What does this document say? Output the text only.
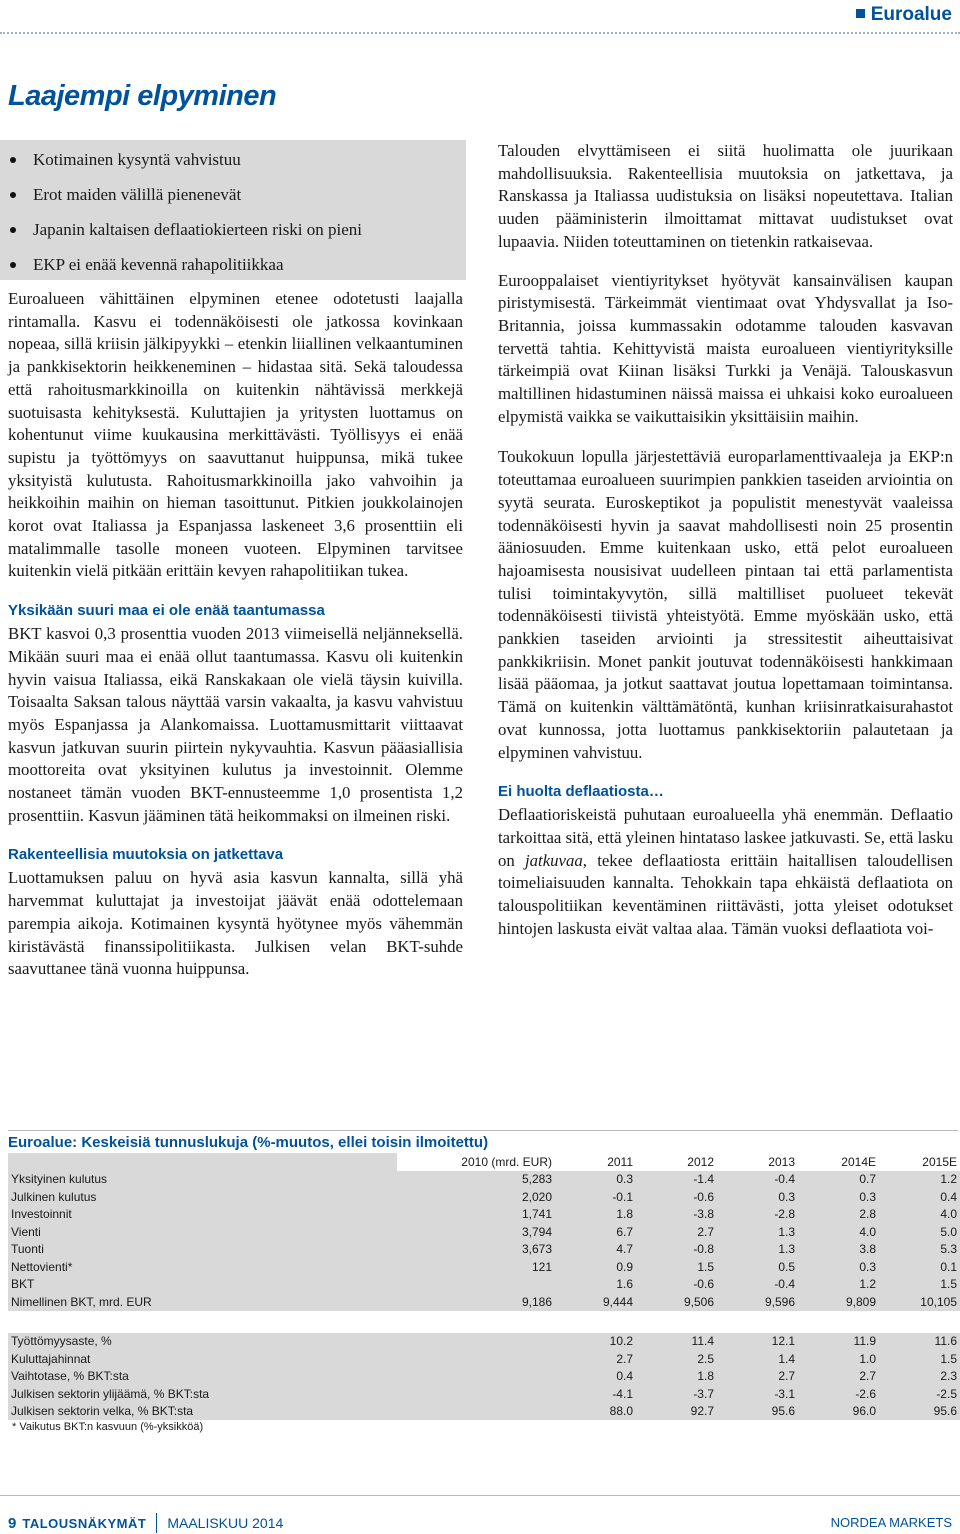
Euroalue
Laajempi elpyminen
Kotimainen kysyntä vahvistuu
Erot maiden välillä pienenevät
Japanin kaltaisen deflaatiokierteen riski on pieni
EKP ei enää kevennä rahapolitiikkaa

Euroalueen vähittäinen elpyminen etenee odotetusti laajalla rintamalla. Kasvu ei todennäköisesti ole jatkossa kovinkaan nopeaa, sillä kriisin jälkipyykki – etenkin liiallinen velkaantuminen ja pankkisektorin heikkeneminen – hidastaa sitä. Sekä taloudessa että rahoitusmarkkinoilla on kuitenkin nähtävissä merkkejä suotuisasta kehityksestä. Kuluttajien ja yritysten luottamus on kohentunut viime kuukausina merkittävästi. Työllisyys ei enää supistu ja työttömyys on saavuttanut huippunsa, mikä tukee yksityistä kulutusta. Rahoitusmarkkinoilla jako vahvoihin ja heikkoihin maihin on hieman tasoittunut. Pitkien joukkolainojen korot ovat Italiassa ja Espanjassa laskeneet 3,6 prosenttiin eli matalimmalle tasolle moneen vuoteen. Elpyminen tarvitsee kuitenkin vielä pitkään erittäin kevyen rahapolitiikan tukea.

Yksikään suuri maa ei ole enää taantumassa

BKT kasvoi 0,3 prosenttia vuoden 2013 viimeisellä neljänneksellä. Mikään suuri maa ei enää ollut taantumassa. Kasvu oli kuitenkin hyvin vaisua Italiassa, eikä Ranskakaan ole vielä täysin kuivilla. Toisaalta Saksan talous näyttää varsin vakaalta, ja kasvu vahvistuu myös Espanjassa ja Alankomaissa. Luottamusmittarit viittaavat kasvun jatkuvan suurin piirtein nykyvauhtia. Kasvun pääasiallisia moottoreita ovat yksityinen kulutus ja investoinnit. Olemme nostaneet tämän vuoden BKT-ennusteemme 1,0 prosentista 1,2 prosenttiin. Kasvun jääminen tätä heikommaksi on ilmeinen riski.

Rakenteellisia muutoksia on jatkettava

Luottamuksen paluu on hyvä asia kasvun kannalta, sillä yhä harvemmat kuluttajat ja investoijat jäävät enää odottelemaan parempia aikoja. Kotimainen kysyntä hyötynee myös vähemmän kiristävästä finanssipolitiikasta. Julkisen velan BKT-suhde saavuttanee tänä vuonna huippunsa.

Talouden elvyttämiseen ei siitä huolimatta ole juurikaan mahdollisuuksia. Rakenteellisia muutoksia on jatkettava, ja Ranskassa ja Italiassa uudistuksia on lisäksi nopeutettava. Italian uuden pääministerin ilmoittamat mittavat uudistukset ovat lupaavia. Niiden toteuttaminen on tietenkin ratkaisevaa.

Eurooppalaiset vientiyritykset hyötyvät kansainvälisen kaupan piristymisestä. Tärkeimmät vientimaat ovat Yhdysvallat ja Iso-Britannia, joissa kummassakin odotamme talouden kasvavan tervettä tahtia. Kehittyvistä maista euroalueen vientiyrityksille tärkeimpiä ovat Kiinan lisäksi Turkki ja Venäjä. Talouskasvun maltillinen hidastuminen näissä maissa ei uhkaisi koko euroalueen elpymistä vaikka se vaikuttaisikin yksittäisiin maihin.

Toukokuun lopulla järjestettäviä europarlamenttivaaleja ja EKP:n toteuttamaa euroalueen suurimpien pankkien taseiden arviointia on syytä seurata. Euroskeptikot ja populistit menestyvät vaaleissa todennäköisesti hyvin ja saavat mahdollisesti noin 25 prosentin ääniosuuden. Emme kuitenkaan usko, että pelot euroalueen hajoamisesta nousisivat uudelleen pintaan tai että parlamentista tulisi toimintakyvytön, sillä maltilliset puolueet tekevät todennäköisesti tiivistä yhteistyötä. Emme myöskään usko, että pankkien taseiden arviointi ja stressitestit aiheuttaisivat pankkikriisin. Monet pankit joutuvat todennäköisesti hankkimaan lisää pääomaa, ja jotkut saattavat joutua lopettamaan toimintansa. Tämä on kuitenkin välttämätöntä, kunhan kriisinratkaisurahastot ovat kunnossa, jotta luottamus pankkisektoriin palautetaan ja elpyminen vahvistuu.

Ei huolta deflaatiosta…

Deflaatioriskeistä puhutaan euroalueella yhä enemmän. Deflaatio tarkoittaa sitä, että yleinen hintataso laskee jatkuvasti. Se, että lasku on jatkuvaa, tekee deflaatiosta erittäin haitallisen taloudellisen toimeliaisuuden kannalta. Tehokkain tapa ehkäistä deflaatiota on talouspolitiikan keventäminen riittävästi, jotta yleiset odotukset hintojen laskusta eivät valtaa alaa. Tämän vuoksi deflaatiota voi-

Euroalue: Keskeisiä tunnuslukuja (%-muutos, ellei toisin ilmoitettu)
	2010 (mrd. EUR)	2011	2012	2013	2014E	2015E
Yksityinen kulutus	5,283	0.3	-1.4	-0.4	0.7	1.2
Julkinen kulutus	2,020	-0.1	-0.6	0.3	0.3	0.4
Investoinnit	1,741	1.8	-3.8	-2.8	2.8	4.0
Vienti	3,794	6.7	2.7	1.3	4.0	5.0
Tuonti	3,673	4.7	-0.8	1.3	3.8	5.3
Nettovienti*	121	0.9	1.5	0.5	0.3	0.1
BKT		1.6	-0.6	-0.4	1.2	1.5
Nimellinen BKT, mrd. EUR	9,186	9,444	9,506	9,596	9,809	10,105

Työttömyysaste, %		10.2	11.4	12.1	11.9	11.6
Kuluttajahinnat		2.7	2.5	1.4	1.0	1.5
Vaihtotase, % BKT:sta		0.4	1.8	2.7	2.7	2.3
Julkisen sektorin ylijäämä, % BKT:sta		-4.1	-3.7	-3.1	-2.6	-2.5
Julkisen sektorin velka, % BKT:sta		88.0	92.7	95.6	96.0	95.6
* Vaikutus BKT:n kasvuun (%-yksikköä)
9 TALOUSNÄKYMÄT MAALISKUU 2014	NORDEA MARKETS
